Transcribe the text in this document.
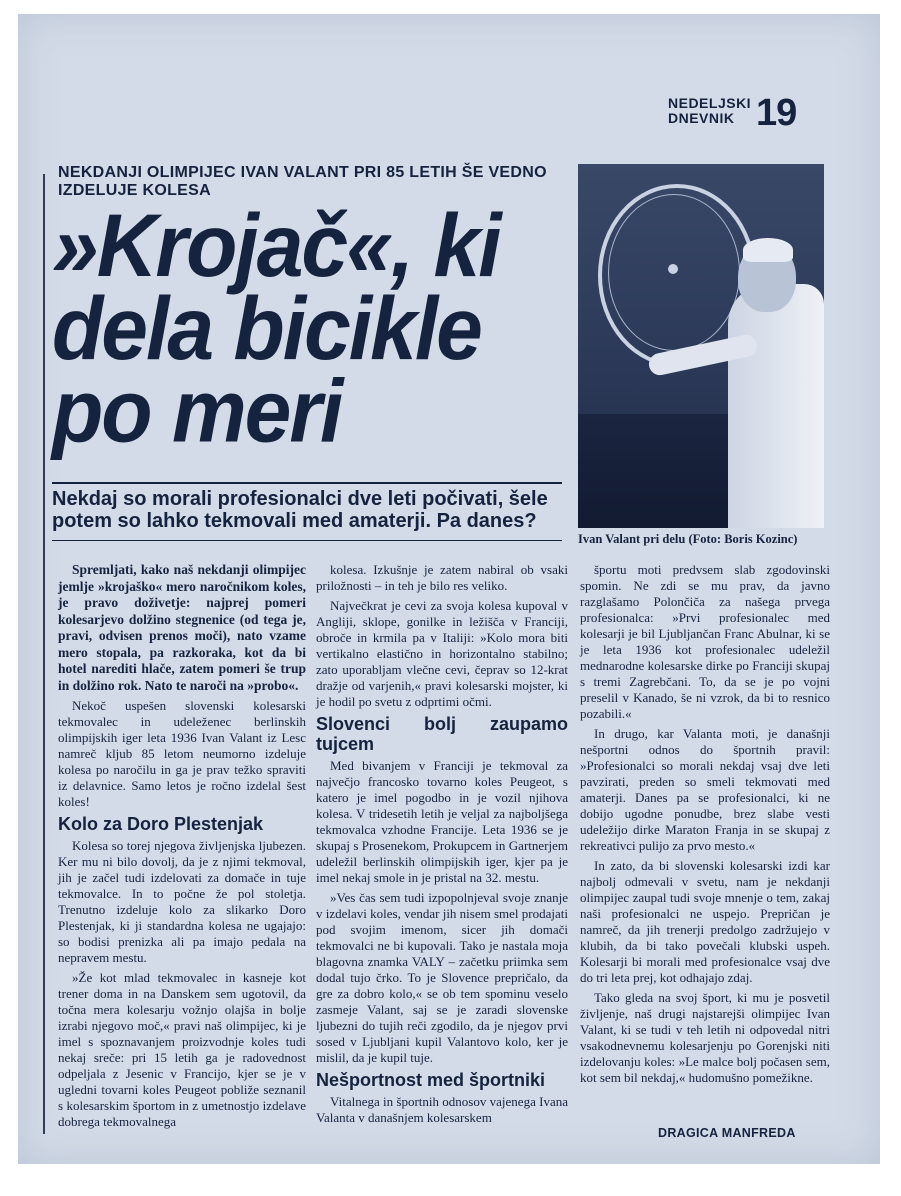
NEDELJSKI
DNEVNIK 19
NEKDANJI OLIMPIJEC IVAN VALANT PRI 85 LETIH ŠE VEDNO IZDELUJE KOLESA
»Krojač«, ki dela bicikle po meri
Nekdaj so morali profesionalci dve leti počivati, šele potem so lahko tekmovali med amaterji. Pa danes?
Ivan Valant pri delu (Foto: Boris Kozinc)

Spremljati, kako naš nekdanji olimpijec jemlje »krojaško« mero naročnikom koles, je pravo doživetje: najprej pomeri kolesarjevo dolžino stegnenice (od tega je, pravi, odvisen prenos moči), nato vzame mero stopala, pa razkoraka, kot da bi hotel narediti hlače, zatem pomeri še trup in dolžino rok. Nato te naroči na »probo«.

Nekoč uspešen slovenski kolesarski tekmovalec in udeleženec berlinskih olimpijskih iger leta 1936 Ivan Valant iz Lesc namreč kljub 85 letom neumorno izdeluje kolesa po naročilu in ga je prav težko spraviti iz delavnice. Samo letos je ročno izdelal šest koles!

Kolo za Doro Plestenjak

Kolesa so torej njegova življenjska ljubezen. Ker mu ni bilo dovolj, da je z njimi tekmoval, jih je začel tudi izdelovati za domače in tuje tekmovalce. In to počne že pol stoletja. Trenutno izdeluje kolo za slikarko Doro Plestenjak, ki ji standardna kolesa ne ugajajo: so bodisi prenizka ali pa imajo pedala na nepravem mestu.

»Že kot mlad tekmovalec in kasneje kot trener doma in na Danskem sem ugotovil, da točna mera kolesarju vožnjo olajša in bolje izrabi njegovo moč,« pravi naš olimpijec, ki je imel s spoznavanjem proizvodnje koles tudi nekaj sreče: pri 15 letih ga je radovednost odpeljala z Jesenic v Francijo, kjer se je v ugledni tovarni koles Peugeot pobliže seznanil s kolesarskim športom in z umetnostjo izdelave dobrega tekmovalnega

kolesa. Izkušnje je zatem nabiral ob vsaki priložnosti – in teh je bilo res veliko.

Največkrat je cevi za svoja kolesa kupoval v Angliji, sklope, gonilke in ležišča v Franciji, obroče in krmila pa v Italiji: »Kolo mora biti vertikalno elastično in horizontalno stabilno; zato uporabljam vlečne cevi, čeprav so 12-krat dražje od varjenih,« pravi kolesarski mojster, ki je hodil po svetu z odprtimi očmi.

Slovenci bolj zaupamo tujcem

Med bivanjem v Franciji je tekmoval za največjo francosko tovarno koles Peugeot, s katero je imel pogodbo in je vozil njihova kolesa. V tridesetih letih je veljal za najboljšega tekmovalca vzhodne Francije. Leta 1936 se je skupaj s Prosenekom, Prokupcem in Gartnerjem udeležil berlinskih olimpijskih iger, kjer pa je imel nekaj smole in je pristal na 32. mestu.

»Ves čas sem tudi izpopolnjeval svoje znanje v izdelavi koles, vendar jih nisem smel prodajati pod svojim imenom, sicer jih domači tekmovalci ne bi kupovali. Tako je nastala moja blagovna znamka VALY – začetku priimka sem dodal tujo črko. To je Slovence prepričalo, da gre za dobro kolo,« se ob tem spominu veselo zasmeje Valant, saj se je zaradi slovenske ljubezni do tujih reči zgodilo, da je njegov prvi sosed v Ljubljani kupil Valantovo kolo, ker je mislil, da je kupil tuje.

Nešportnost med športniki

Vitalnega in športnih odnosov vajenega Ivana Valanta v današnjem kolesarskem

športu moti predvsem slab zgodovinski spomin. Ne zdi se mu prav, da javno razglašamo Polončiča za našega prvega profesionalca: »Prvi profesionalec med kolesarji je bil Ljubljančan Franc Abulnar, ki se je leta 1936 kot profesionalec udeležil mednarodne kolesarske dirke po Franciji skupaj s tremi Zagrebčani. To, da se je po vojni preselil v Kanado, še ni vzrok, da bi to resnico pozabili.«

In drugo, kar Valanta moti, je današnji nešportni odnos do športnih pravil: »Profesionalci so morali nekdaj vsaj dve leti pavzirati, preden so smeli tekmovati med amaterji. Danes pa se profesionalci, ki ne dobijo ugodne ponudbe, brez slabe vesti udeležijo dirke Maraton Franja in se skupaj z rekreativci pulijo za prvo mesto.«

In zato, da bi slovenski kolesarski izdi kar najbolj odmevali v svetu, nam je nekdanji olimpijec zaupal tudi svoje mnenje o tem, zakaj naši profesionalci ne uspejo. Prepričan je namreč, da jih trenerji predolgo zadržujejo v klubih, da bi tako povečali klubski uspeh. Kolesarji bi morali med profesionalce vsaj dve do tri leta prej, kot odhajajo zdaj.

Tako gleda na svoj šport, ki mu je posvetil življenje, naš drugi najstarejši olimpijec Ivan Valant, ki se tudi v teh letih ni odpovedal nitri vsakodnevnemu kolesarjenju po Gorenjski niti izdelovanju koles: »Le malce bolj počasen sem, kot sem bil nekdaj,« hudomušno pomežikne.

DRAGICA MANFREDA
